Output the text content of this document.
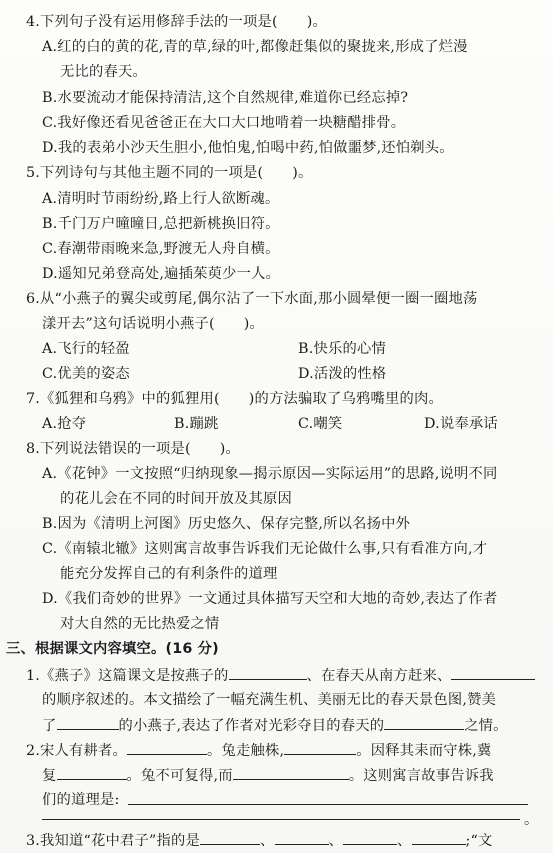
4.下列句子没有运用修辞手法的一项是(　　)。
A.红的白的黄的花,青的草,绿的叶,都像赶集似的聚拢来,形成了烂漫
无比的春天。
B.水要流动才能保持清洁,这个自然规律,难道你已经忘掉?
C.我好像还看见爸爸正在大口大口地啃着一块糖醋排骨。
D.我的表弟小沙天生胆小,他怕鬼,怕喝中药,怕做噩梦,还怕剃头。
5.下列诗句与其他主题不同的一项是(　　)。
A.清明时节雨纷纷,路上行人欲断魂。
B.千门万户曈曈日,总把新桃换旧符。
C.春潮带雨晚来急,野渡无人舟自横。
D.遥知兄弟登高处,遍插茱萸少一人。
6.从“小燕子的翼尖或剪尾,偶尔沾了一下水面,那小圆晕便一圈一圈地荡
漾开去”这句话说明小燕子(　　)。
A.飞行的轻盈	B.快乐的心情
C.优美的姿态	D.活泼的性格
7.《狐狸和乌鸦》中的狐狸用(　　)的方法骗取了乌鸦嘴里的肉。
A.抢夺	B.蹦跳	C.嘲笑	D.说奉承话
8.下列说法错误的一项是(　　)。
A.《花钟》一文按照“归纳现象—揭示原因—实际运用”的思路,说明不同
的花儿会在不同的时间开放及其原因
B.因为《清明上河图》历史悠久、保存完整,所以名扬中外
C.《南辕北辙》这则寓言故事告诉我们无论做什么事,只有看准方向,才
能充分发挥自己的有利条件的道理
D.《我们奇妙的世界》一文通过具体描写天空和大地的奇妙,表达了作者
对大自然的无比热爱之情
三、根据课文内容填空。(16 分)
1.《燕子》这篇课文是按燕子的	、在春天从南方赶来、
的顺序叙述的。本文描绘了一幅充满生机、美丽无比的春天景色图,赞美
了	的小燕子,表达了作者对光彩夺目的春天的	之情。
2.宋人有耕者。	。兔走触株,	。因释其耒而守株,冀
复	。兔不可复得,而	。这则寓言故事告诉我
们的道理是:
。
3.我知道“花中君子”指的是	、	、	、	;“文
